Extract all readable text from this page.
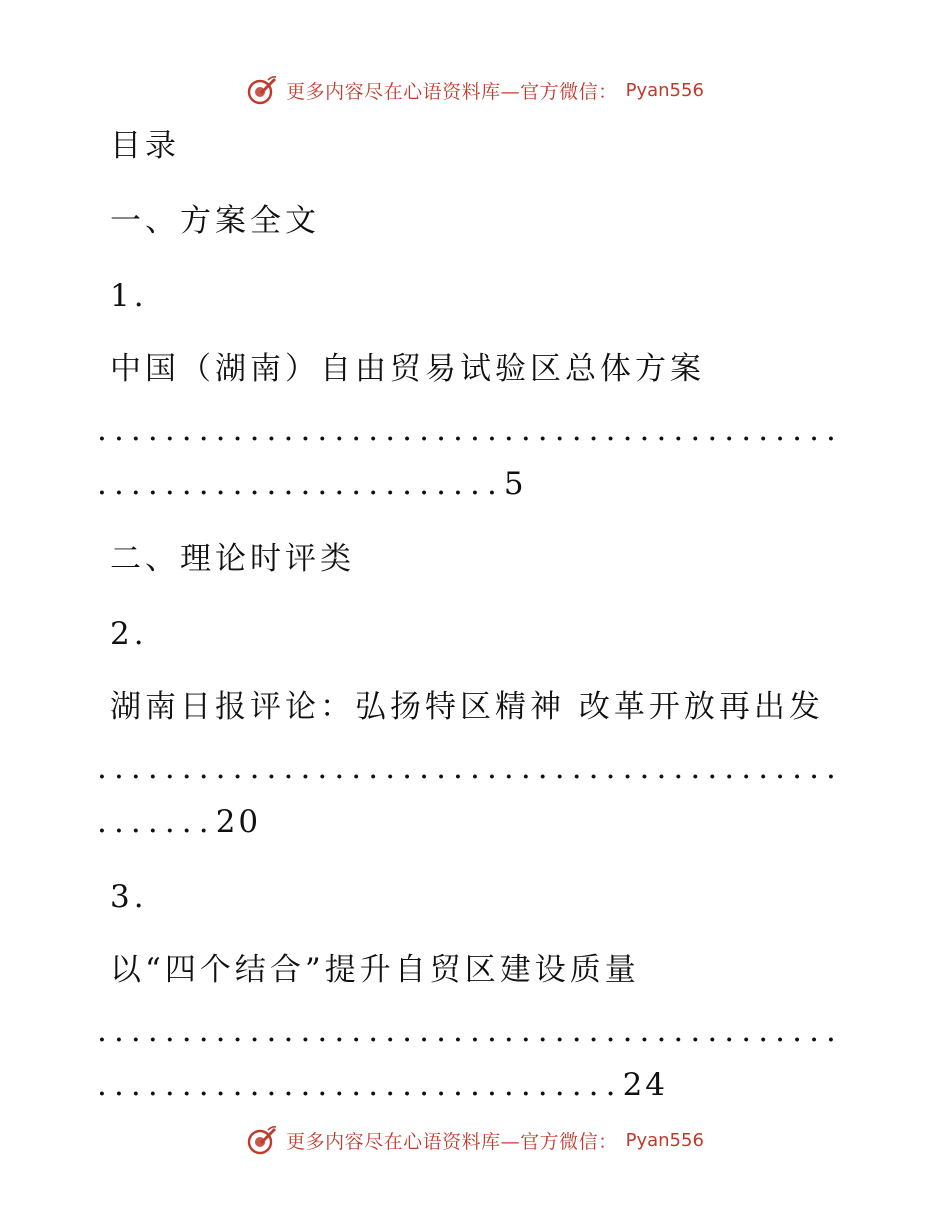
更多内容尽在心语资料库—官方微信： Pyan556
目录
一、方案全文
1.
中国（湖南）自由贸易试验区总体方案
............................................
........................5
二、理论时评类
2.
湖南日报评论：弘扬特区精神 改革开放再出发
............................................
.......20
3.
以“四个结合”提升自贸区建设质量
............................................
...............................24
更多内容尽在心语资料库—官方微信： Pyan556
